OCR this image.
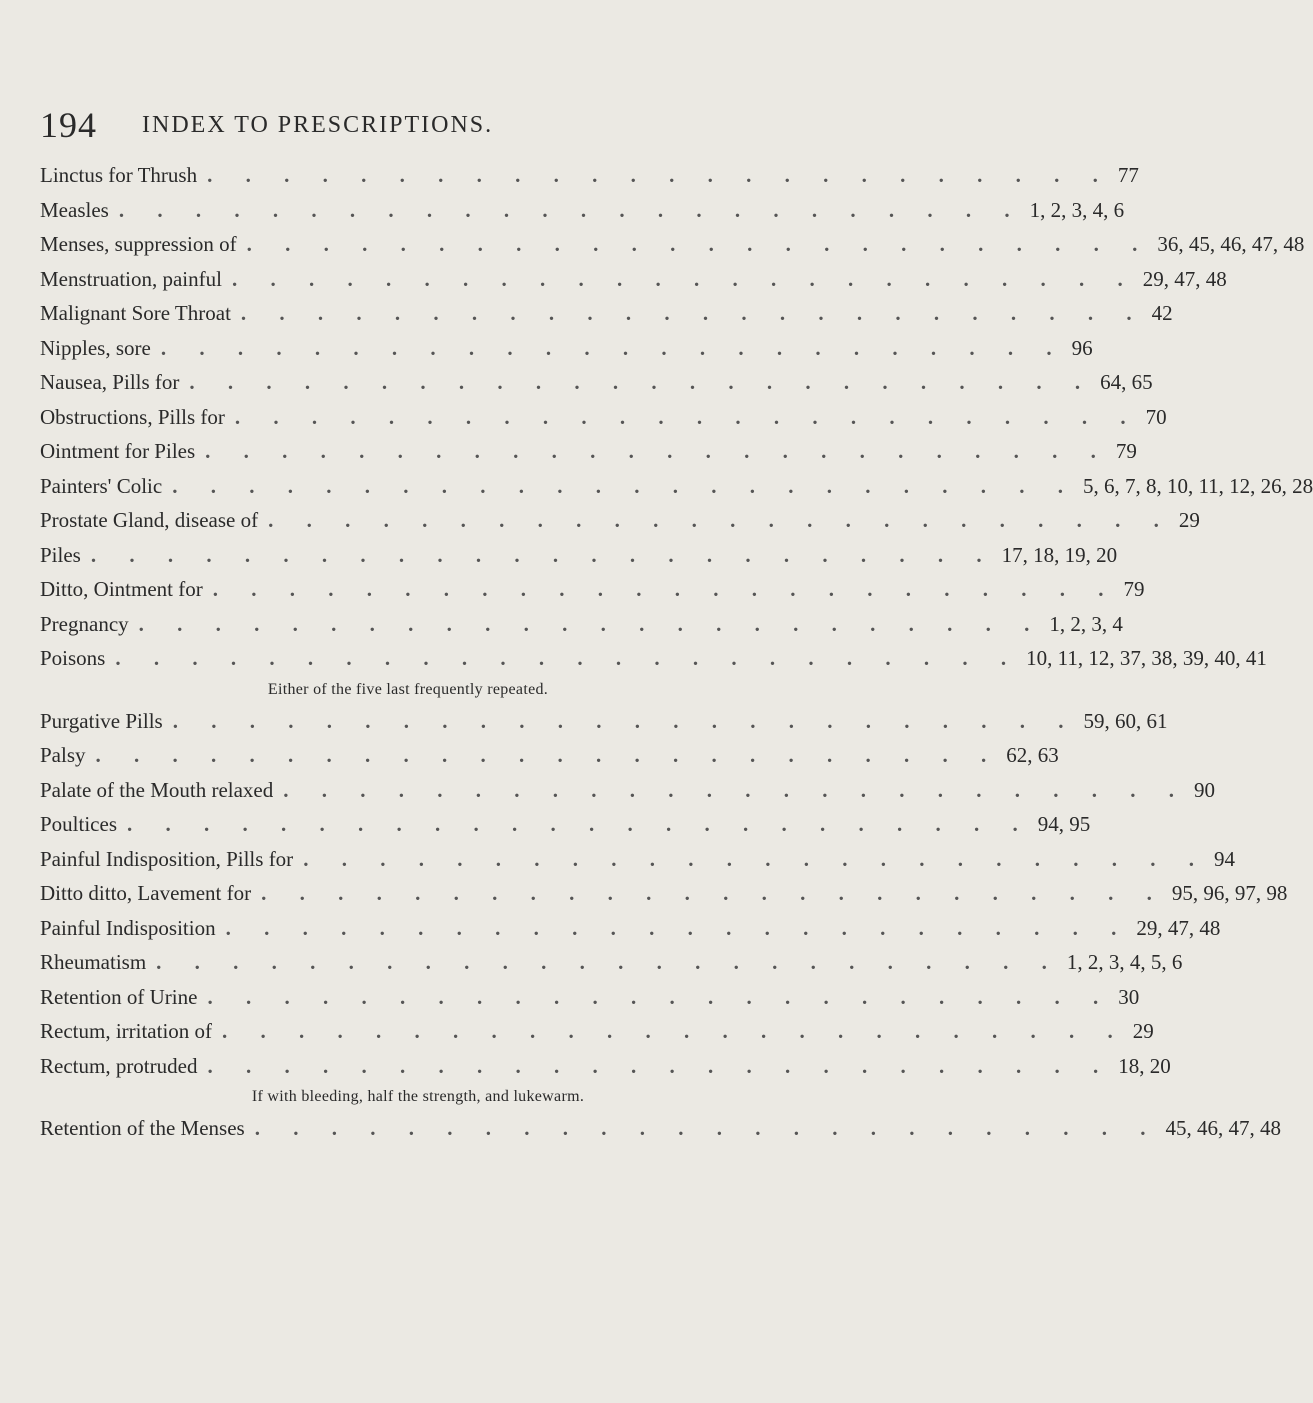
194 INDEX TO PRESCRIPTIONS.
Linctus for Thrush . . . . . . . . . . . . . . . . . . . . . . . . 77
Measles . . . . . . . . . . . . . . . . . . . . . . . . 1, 2, 3, 4, 6
Menses, suppression of . . . . . . . . . . . . . . . . . . . . . . . . 36, 45, 46, 47, 48
Menstruation, painful . . . . . . . . . . . . . . . . . . . . . . . . 29, 47, 48
Malignant Sore Throat . . . . . . . . . . . . . . . . . . . . . . . . 42
Nipples, sore . . . . . . . . . . . . . . . . . . . . . . . . 96
Nausea, Pills for . . . . . . . . . . . . . . . . . . . . . . . . 64, 65
Obstructions, Pills for . . . . . . . . . . . . . . . . . . . . . . . . 70
Ointment for Piles . . . . . . . . . . . . . . . . . . . . . . . . 79
Painters' Colic . . . . . . . . . . . . . . . . . . . . . . . . 5, 6, 7, 8, 10, 11, 12, 26, 28
Prostate Gland, disease of . . . . . . . . . . . . . . . . . . . . . . . . 29
Piles . . . . . . . . . . . . . . . . . . . . . . . . 17, 18, 19, 20
Ditto, Ointment for . . . . . . . . . . . . . . . . . . . . . . . . 79
Pregnancy . . . . . . . . . . . . . . . . . . . . . . . . 1, 2, 3, 4
Poisons . . . . . . . . . . . . . . . . . . . . . . . . 10, 11, 12, 37, 38, 39, 40, 41
Either of the five last frequently repeated.
Purgative Pills . . . . . . . . . . . . . . . . . . . . . . . . 59, 60, 61
Palsy . . . . . . . . . . . . . . . . . . . . . . . . 62, 63
Palate of the Mouth relaxed . . . . . . . . . . . . . . . . . . . . . . . . 90
Poultices . . . . . . . . . . . . . . . . . . . . . . . . 94, 95
Painful Indisposition, Pills for . . . . . . . . . . . . . . . . . . . . . . . . 94
Ditto ditto, Lavement for . . . . . . . . . . . . . . . . . . . . . . . . 95, 96, 97, 98
Painful Indisposition . . . . . . . . . . . . . . . . . . . . . . . . 29, 47, 48
Rheumatism . . . . . . . . . . . . . . . . . . . . . . . . 1, 2, 3, 4, 5, 6
Retention of Urine . . . . . . . . . . . . . . . . . . . . . . . . 30
Rectum, irritation of . . . . . . . . . . . . . . . . . . . . . . . . 29
Rectum, protruded . . . . . . . . . . . . . . . . . . . . . . . . 18, 20
If with bleeding, half the strength, and lukewarm.
Retention of the Menses . . . . . . . . . . . . . . . . . . . . . . . . 45, 46, 47, 48
